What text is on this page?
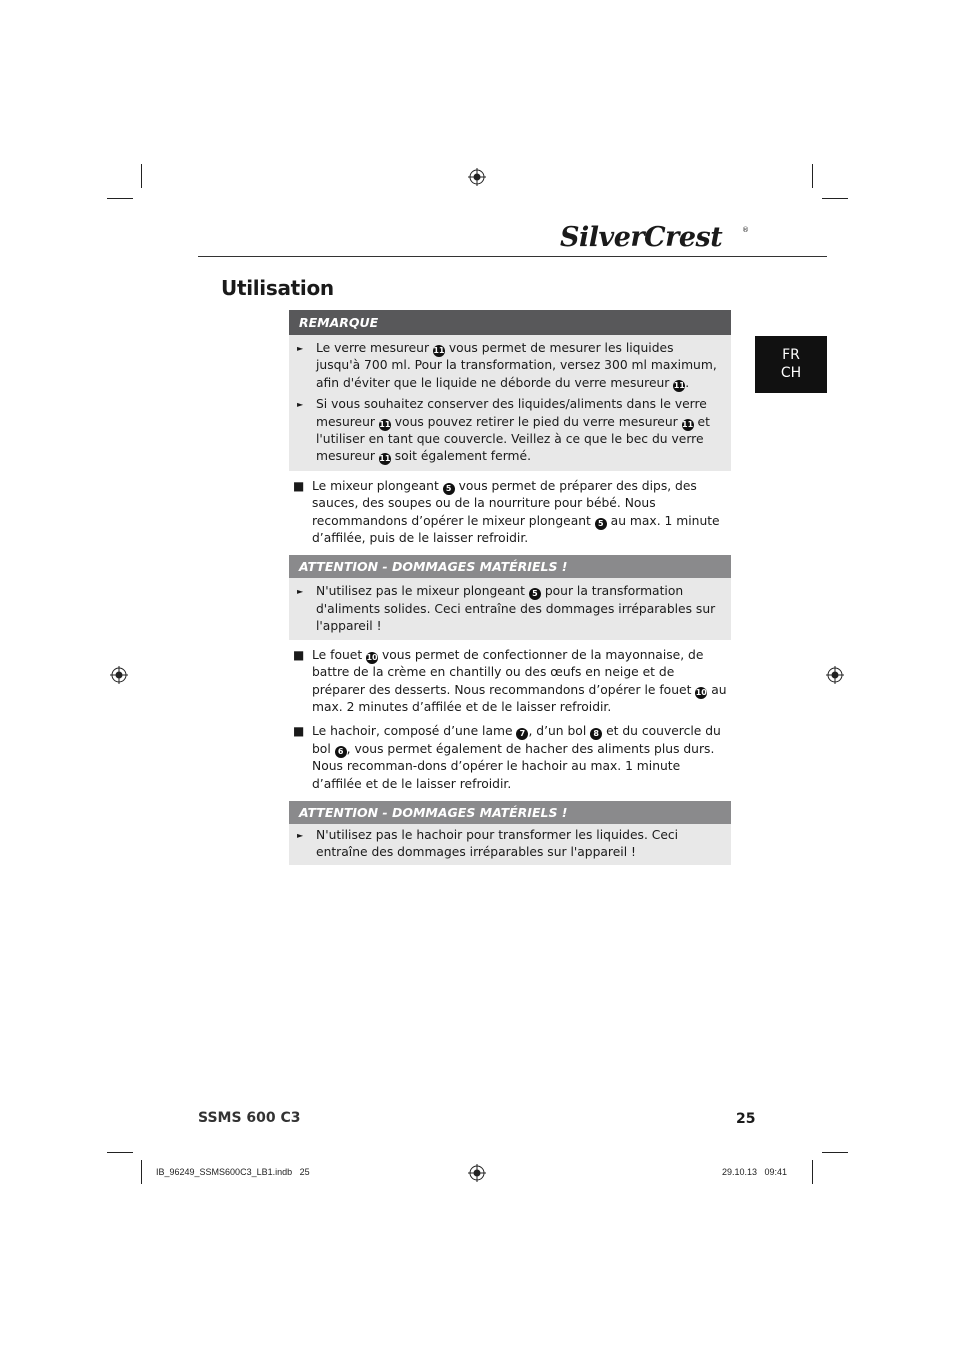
SilverCrest	®
Utilisation
FR
CH
REMARQUE
►	Le verre mesureur 11 vous permet de mesurer les liquides jusqu'à 700 ml. Pour la transformation, versez 300 ml maximum, afin d'éviter que le liquide ne déborde du verre mesureur 11.
►	Si vous souhaitez conserver des liquides/aliments dans le verre mesureur 11 vous pouvez retirer le pied du verre mesureur 11 et l'utiliser en tant que couvercle. Veillez à ce que le bec du verre mesureur 11 soit également fermé.
■ Le mixeur plongeant 5 vous permet de préparer des dips, des sauces, des soupes ou de la nourriture pour bébé. Nous recommandons d’opérer le mixeur plongeant 5 au max. 1 minute d’affilée, puis de le laisser refroidir.
ATTENTION - DOMMAGES MATÉRIELS !
►	N'utilisez pas le mixeur plongeant 5 pour la transformation d'aliments solides. Ceci entraîne des dommages irréparables sur l'appareil !
■ Le fouet 10 vous permet de confectionner de la mayonnaise, de battre de la crème en chantilly ou des œufs en neige et de préparer des desserts. Nous recommandons d’opérer le fouet 10 au max. 2 minutes d’affilée et de le laisser refroidir.
■ Le hachoir, composé d’une lame 7 , d’un bol 8 et du couvercle du bol 6 , vous permet également de hacher des aliments plus durs. Nous recomman-dons d’opérer le hachoir au max. 1 minute d’affilée et de le laisser refroidir.
ATTENTION - DOMMAGES MATÉRIELS !
►	N'utilisez pas le hachoir pour transformer les liquides. Ceci entraîne des dommages irréparables sur l'appareil !
SSMS 600 C3	25
IB_96249_SSMS600C3_LB1.indb   25	29.10.13   09:41
